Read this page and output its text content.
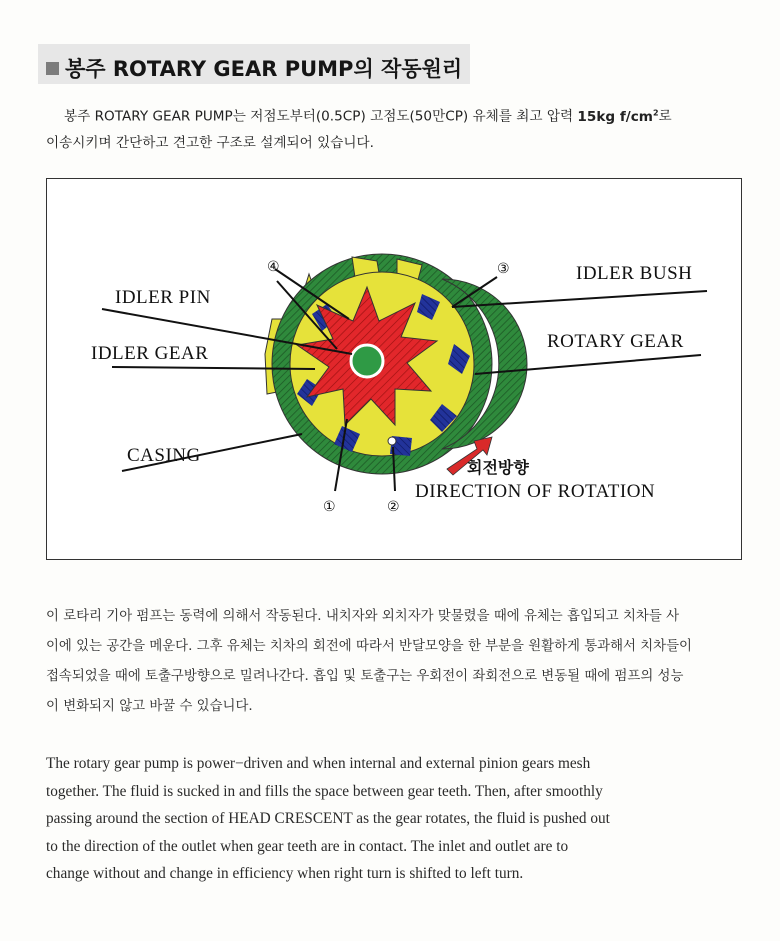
봉주 ROTARY GEAR PUMP의 작동원리
봉주 ROTARY GEAR PUMP는 저점도부터(0.5CP) 고점도(50만CP) 유체를 최고 압력 15kg $f/cm^2$로
이송시키며 간단하고 견고한 구조로 설계되어 있습니다.
IDLER PIN
IDLER GEAR
CASING
IDLER BUSH
ROTARY GEAR
회전방향
DIRECTION OF ROTATION
④	③
①	②
이 로타리 기아 펌프는 동력에 의해서 작동된다. 내치자와 외치자가 맞물렸을 때에 유체는 흡입되고 치차들 사
이에 있는 공간을 메운다. 그후 유체는 치차의 회전에 따라서 반달모양을 한 부분을 원활하게 통과해서 치차들이
접속되었을 때에 토출구방향으로 밀려나간다. 흡입 및 토출구는 우회전이 좌회전으로 변동될 때에 펌프의 성능
이 변화되지 않고 바꿀 수 있습니다.
The rotary gear pump is power−driven and when internal and external pinion gears mesh
together. The fluid is sucked in and fills the space between gear teeth. Then, after smoothly
passing around the section of HEAD CRESCENT as the gear rotates, the fluid is pushed out
to the direction of the outlet when gear teeth are in contact. The inlet and outlet are to
change without and change in efficiency when right turn is shifted to left turn.
